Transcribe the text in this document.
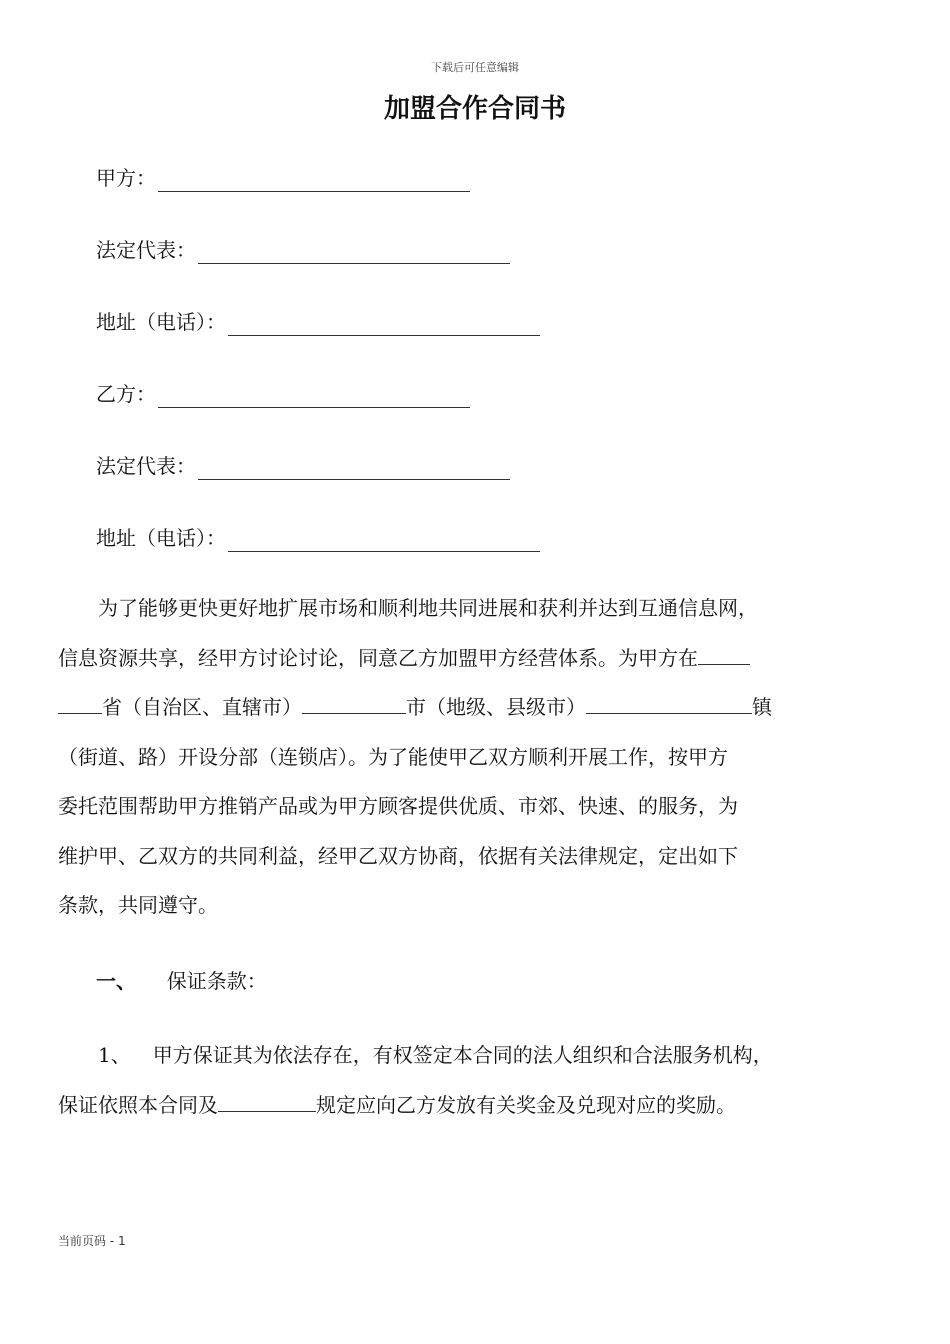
下载后可任意编辑
加盟合作合同书
甲方：
法定代表：
地址（电话）：
乙方：
法定代表：
地址（电话）：
为了能够更快更好地扩展市场和顺利地共同进展和获利并达到互通信息网，
信息资源共享，经甲方讨论讨论，同意乙方加盟甲方经营体系。为甲方在
省（自治区、直辖市）	市（地级、县级市）	镇
（街道、路）开设分部（连锁店）。为了能使甲乙双方顺利开展工作，按甲方
委托范围帮助甲方推销产品或为甲方顾客提供优质、市郊、快速、的服务，为
维护甲、乙双方的共同利益，经甲乙双方协商，依据有关法律规定，定出如下
条款，共同遵守。
一、 保证条款：
1、 甲方保证其为依法存在，有权签定本合同的法人组织和合法服务机构，
保证依照本合同及	规定应向乙方发放有关奖金及兑现对应的奖励。
当前页码 - 1
